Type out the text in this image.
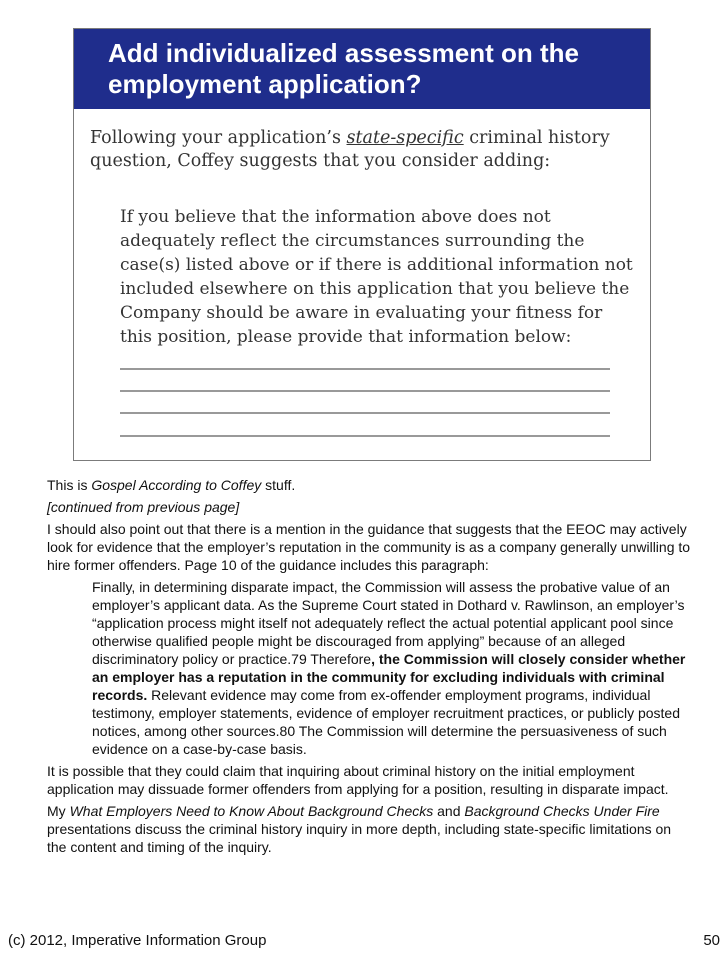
Add individualized assessment on the employment application?
Following your application’s state-specific criminal history question, Coffey suggests that you consider adding:
If you believe that the information above does not adequately reflect the circumstances surrounding the case(s) listed above or if there is additional information not included elsewhere on this application that you believe the Company should be aware in evaluating your fitness for this position, please provide that information below:

This is Gospel According to Coffey stuff.

[continued from previous page]

I should also point out that there is a mention in the guidance that suggests that the EEOC may actively look for evidence that the employer’s reputation in the community is as a company generally unwilling to hire former offenders. Page 10 of the guidance includes this paragraph:

Finally, in determining disparate impact, the Commission will assess the probative value of an employer’s applicant data. As the Supreme Court stated in Dothard v. Rawlinson, an employer’s “application process might itself not adequately reflect the actual potential applicant pool since otherwise qualified people might be discouraged from applying” because of an alleged discriminatory policy or practice.79 Therefore, the Commission will closely consider whether an employer has a reputation in the community for excluding individuals with criminal records. Relevant evidence may come from ex-offender employment programs, individual testimony, employer statements, evidence of employer recruitment practices, or publicly posted notices, among other sources.80 The Commission will determine the persuasiveness of such evidence on a case-by-case basis.

It is possible that they could claim that inquiring about criminal history on the initial employment application may dissuade former offenders from applying for a position, resulting in disparate impact.

My What Employers Need to Know About Background Checks and Background Checks Under Fire presentations discuss the criminal history inquiry in more depth, including state-specific limitations on the content and timing of the inquiry.

(c) 2012, Imperative Information Group	50
